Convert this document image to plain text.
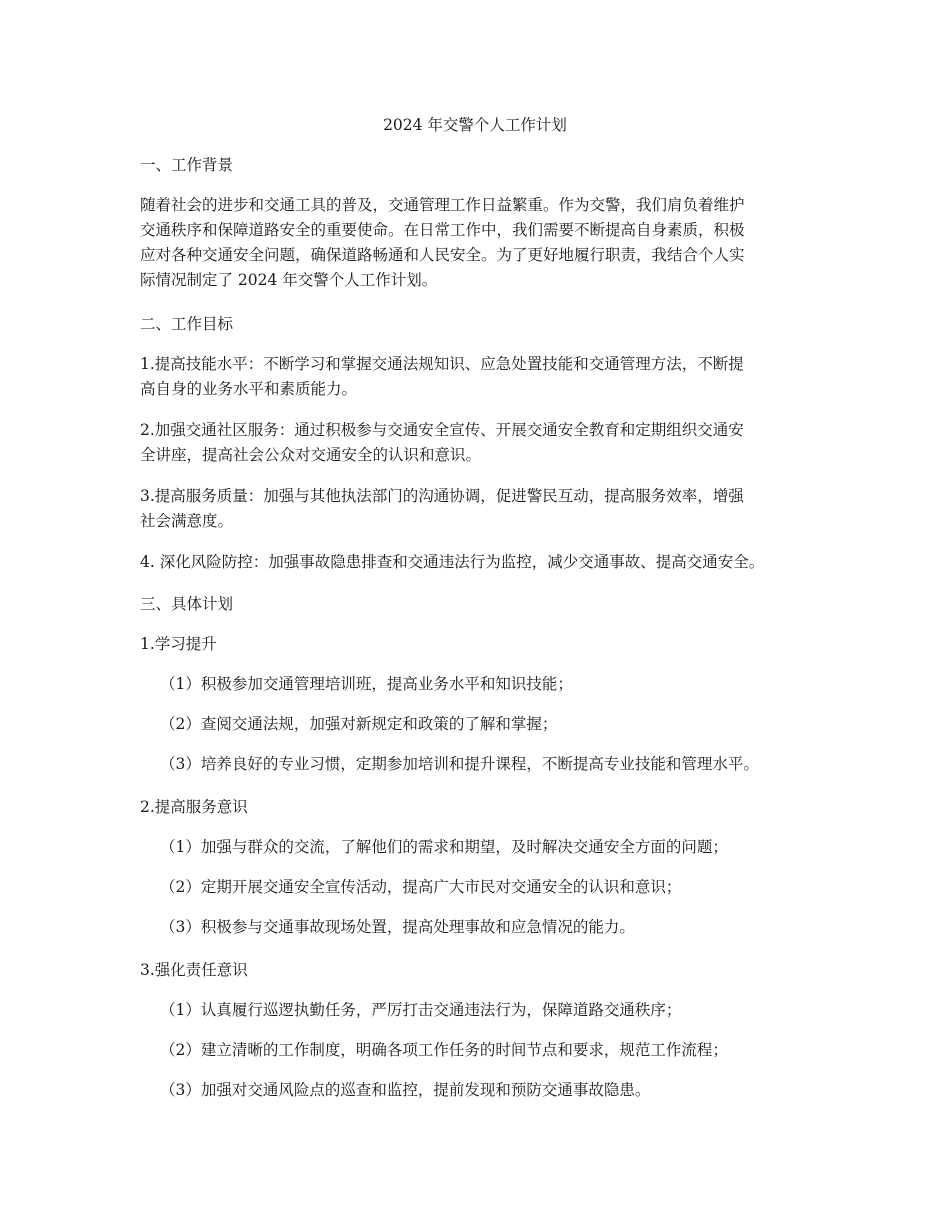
2024 年交警个人工作计划
一、工作背景
随着社会的进步和交通工具的普及，交通管理工作日益繁重。作为交警，我们肩负着维护
交通秩序和保障道路安全的重要使命。在日常工作中，我们需要不断提高自身素质，积极
应对各种交通安全问题，确保道路畅通和人民安全。为了更好地履行职责，我结合个人实
际情况制定了 2024 年交警个人工作计划。
二、工作目标
1.提高技能水平：不断学习和掌握交通法规知识、应急处置技能和交通管理方法，不断提
高自身的业务水平和素质能力。
2.加强交通社区服务：通过积极参与交通安全宣传、开展交通安全教育和定期组织交通安
全讲座，提高社会公众对交通安全的认识和意识。
3.提高服务质量：加强与其他执法部门的沟通协调，促进警民互动，提高服务效率，增强
社会满意度。
4. 深化风险防控：加强事故隐患排查和交通违法行为监控，减少交通事故、提高交通安全。
三、具体计划
1.学习提升
（1）积极参加交通管理培训班，提高业务水平和知识技能；
（2）查阅交通法规，加强对新规定和政策的了解和掌握；
（3）培养良好的专业习惯，定期参加培训和提升课程，不断提高专业技能和管理水平。
2.提高服务意识
（1）加强与群众的交流，了解他们的需求和期望，及时解决交通安全方面的问题；
（2）定期开展交通安全宣传活动，提高广大市民对交通安全的认识和意识；
（3）积极参与交通事故现场处置，提高处理事故和应急情况的能力。
3.强化责任意识
（1）认真履行巡逻执勤任务，严厉打击交通违法行为，保障道路交通秩序；
（2）建立清晰的工作制度，明确各项工作任务的时间节点和要求，规范工作流程；
（3）加强对交通风险点的巡查和监控，提前发现和预防交通事故隐患。
